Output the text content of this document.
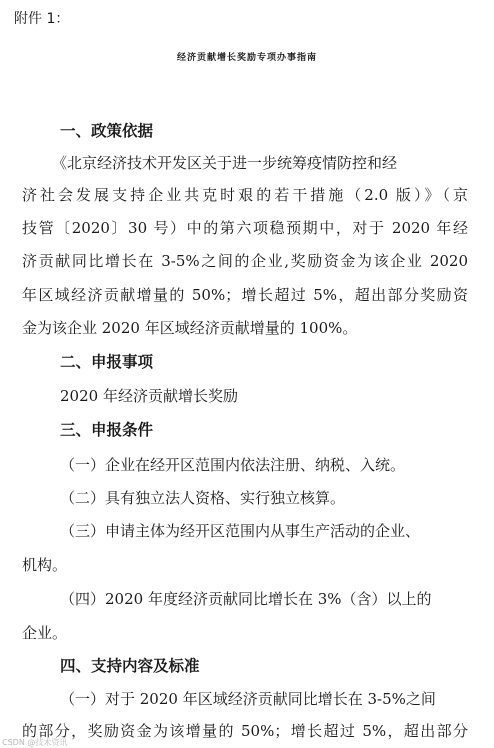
附件 1：
经济贡献增长奖励专项办事指南
一、政策依据
《北京经济技术开发区关于进一步统筹疫情防控和经
济社会发展支持企业共克时艰的若干措施（2.0 版）》（京
技管〔2020〕30 号）中的第六项稳预期中，对于 2020 年经
济贡献同比增长在 3-5%之间的企业,奖励资金为该企业 2020
年区域经济贡献增量的 50%；增长超过 5%，超出部分奖励资
金为该企业 2020 年区域经济贡献增量的 100%。
二、申报事项
2020 年经济贡献增长奖励
三、申报条件
（一）企业在经开区范围内依法注册、纳税、入统。
（二）具有独立法人资格、实行独立核算。
（三）申请主体为经开区范围内从事生产活动的企业、
机构。
（四）2020 年度经济贡献同比增长在 3%（含）以上的
企业。
四、支持内容及标准
（一）对于 2020 年区域经济贡献同比增长在 3-5%之间
的部分，奖励资金为该增量的 50%；增长超过 5%，超出部分
CSDN @技术资讯
